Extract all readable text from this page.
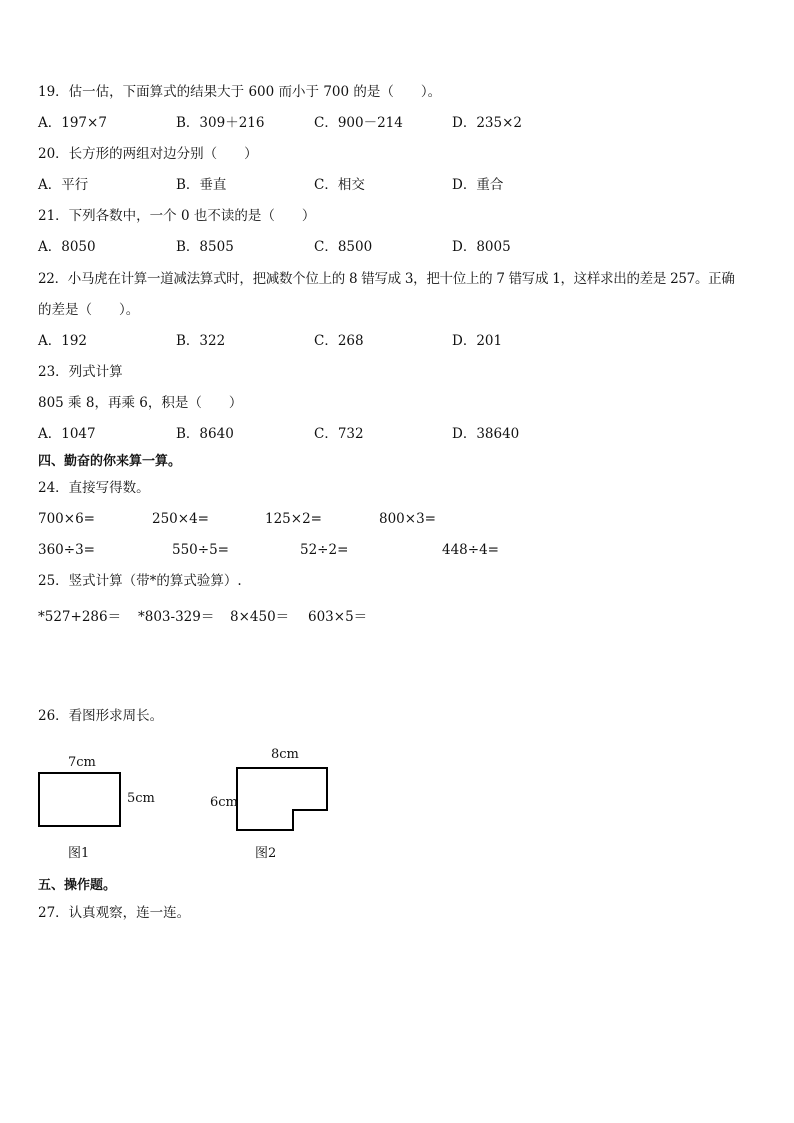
19．估一估，下面算式的结果大于 600 而小于 700 的是（　　）。
A．197×7	B．309＋216	C．900－214	D．235×2
20．长方形的两组对边分别（　　）
A．平行	B．垂直	C．相交	D．重合
21．下列各数中，一个 0 也不读的是（　　）
A．8050	B．8505	C．8500	D．8005
22．小马虎在计算一道减法算式时，把减数个位上的 8 错写成 3，把十位上的 7 错写成 1，这样求出的差是 257。正确
的差是（　　）。
A．192	B．322	C．268	D．201
23．列式计算
805 乘 8，再乘 6，积是（　　）
A．1047	B．8640	C．732	D．38640
四、勤奋的你来算一算。
24．直接写得数。
700×6=	250×4=	125×2=	800×3=
360÷3=	550÷5=	52÷2=	448÷4=
25．竖式计算（带*的算式验算）.
*527+286＝ *803-329＝ 8×450＝ 603×5＝
26．看图形求周长。
7cm
5cm
图1
8cm
6cm
图2
五、操作题。
27．认真观察，连一连。
